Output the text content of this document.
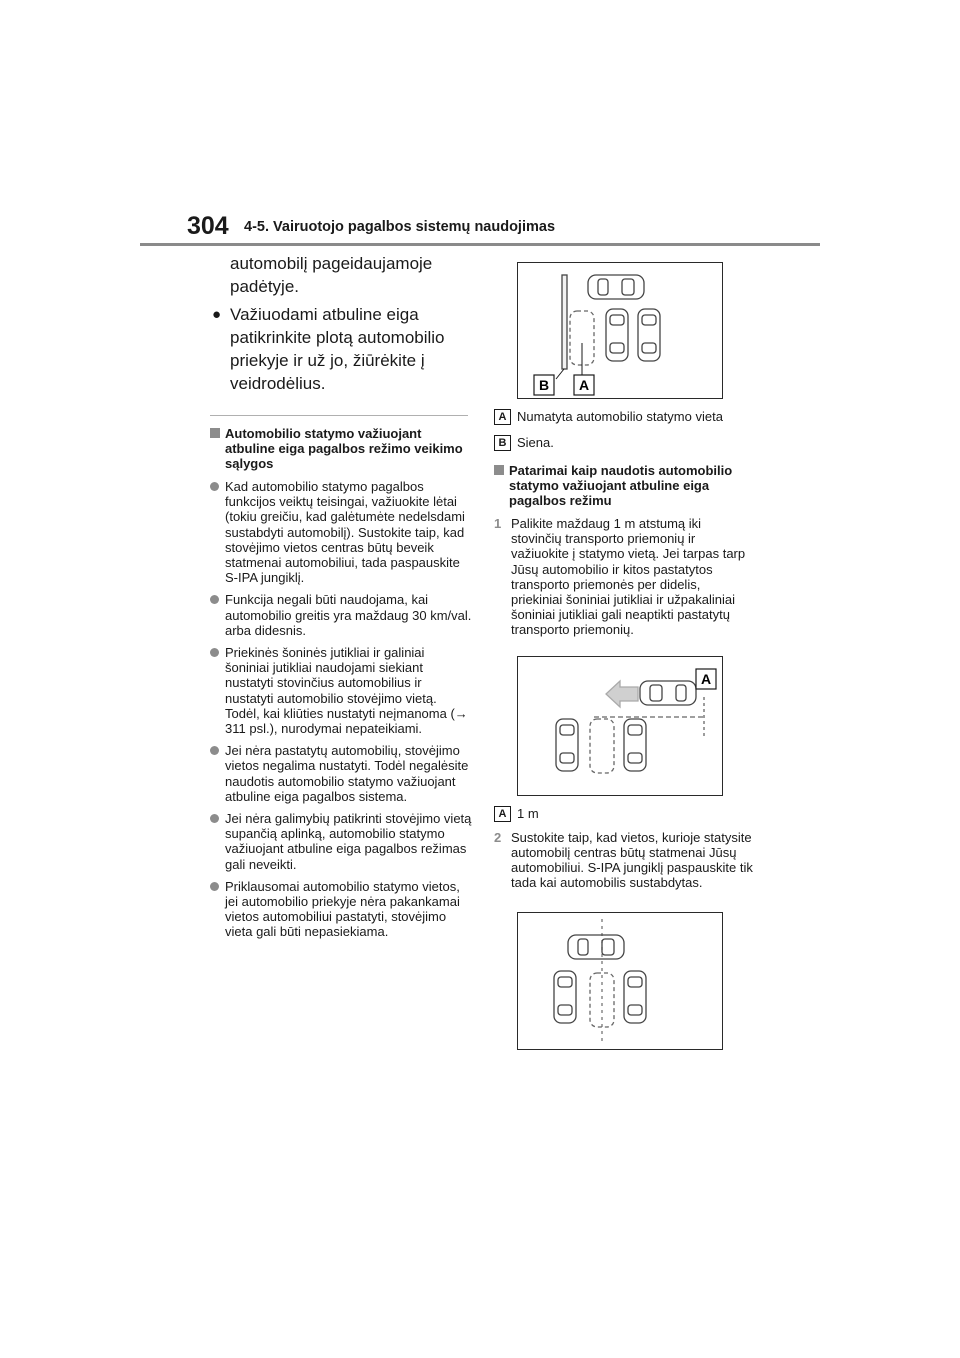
304 4-5. Vairuotojo pagalbos sistemų naudojimas
automobilį pageidaujamoje padėtyje.
● Važiuodami atbuline eiga patikrinkite plotą automobilio priekyje ir už jo, žiūrėkite į veidrodėlius.
Automobilio statymo važiuojant atbuline eiga pagalbos režimo veikimo sąlygos
Kad automobilio statymo pagalbos funkcijos veiktų teisingai, važiuokite lėtai (tokiu greičiu, kad galėtumėte nedelsdami sustabdyti automobilį). Sustokite taip, kad stovėjimo vietos centras būtų beveik statmenai automobiliui, tada paspauskite S-IPA jungiklį.
Funkcija negali būti naudojama, kai automobilio greitis yra maždaug 30 km/val. arba didesnis.
Priekinės šoninės jutikliai ir galiniai šoniniai jutikliai naudojami siekiant nustatyti stovinčius automobilius ir nustatyti automobilio stovėjimo vietą. Todėl, kai kliūties nustatyti neįmanoma (→ 311 psl.), nurodymai nepateikiami.
Jei nėra pastatytų automobilių, stovėjimo vietos negalima nustatyti. Todėl negalėsite naudotis automobilio statymo važiuojant atbuline eiga pagalbos sistema.
Jei nėra galimybių patikrinti stovėjimo vietą supančią aplinką, automobilio statymo važiuojant atbuline eiga pagalbos režimas gali neveikti.
Priklausomai automobilio statymo vietos, jei automobilio priekyje nėra pakankamai vietos automobiliui pastatyti, stovėjimo vieta gali būti nepasiekiama.
B A
A Numatyta automobilio statymo vieta
B Siena.
Patarimai kaip naudotis automobilio statymo važiuojant atbuline eiga pagalbos režimu
1 Palikite maždaug 1 m atstumą iki stovinčių transporto priemonių ir važiuokite į statymo vietą. Jei tarpas tarp Jūsų automobilio ir kitos pastatytos transporto priemonės per didelis, priekiniai šoniniai jutikliai ir užpakaliniai šoniniai jutikliai gali neaptikti pastatytų transporto priemonių.
A
A 1 m
2 Sustokite taip, kad vietos, kurioje statysite automobilį centras būtų statmenai Jūsų automobiliui. S-IPA jungiklį paspauskite tik tada kai automobilis sustabdytas.
